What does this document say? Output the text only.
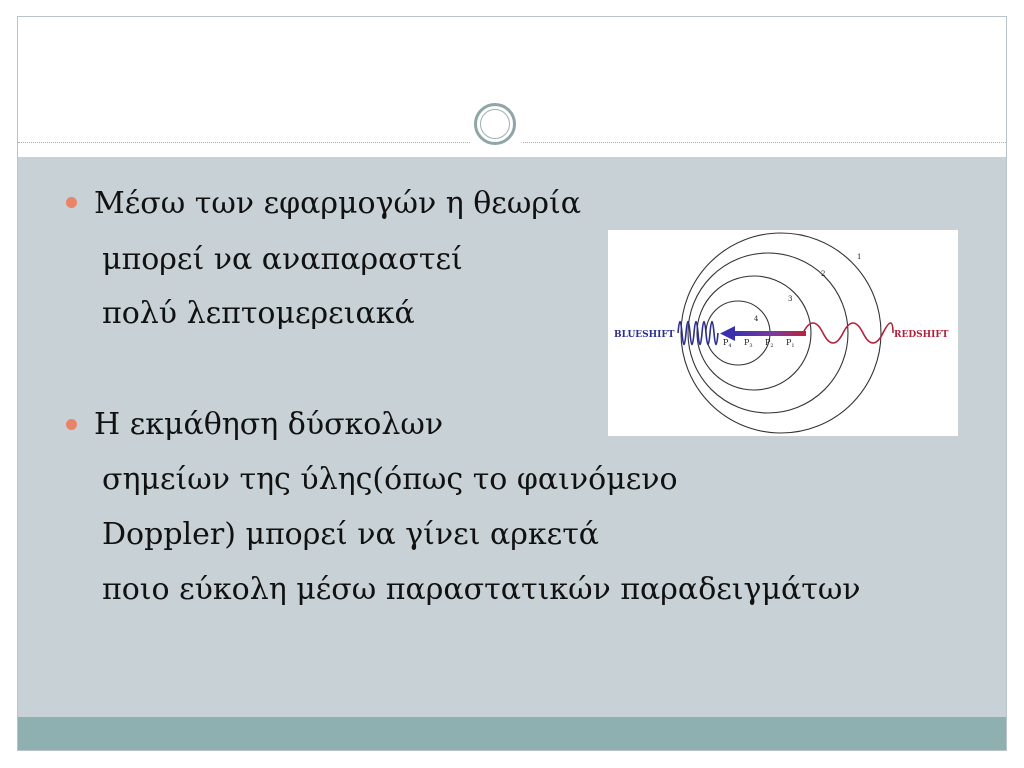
Μέσω των εφαρμογών η θεωρία
μπορεί να αναπαραστεί
πολύ λεπτομερειακά
Η εκμάθηση δύσκολων
σημείων της ύλης(όπως το φαινόμενο
Doppler) μπορεί να γίνει αρκετά
ποιο εύκολη μέσω παραστατικών παραδειγμάτων
BLUESHIFT	REDSHIFT
1
2
3
4
$P_4$ $P_3$ $P_2$ $P_1$
